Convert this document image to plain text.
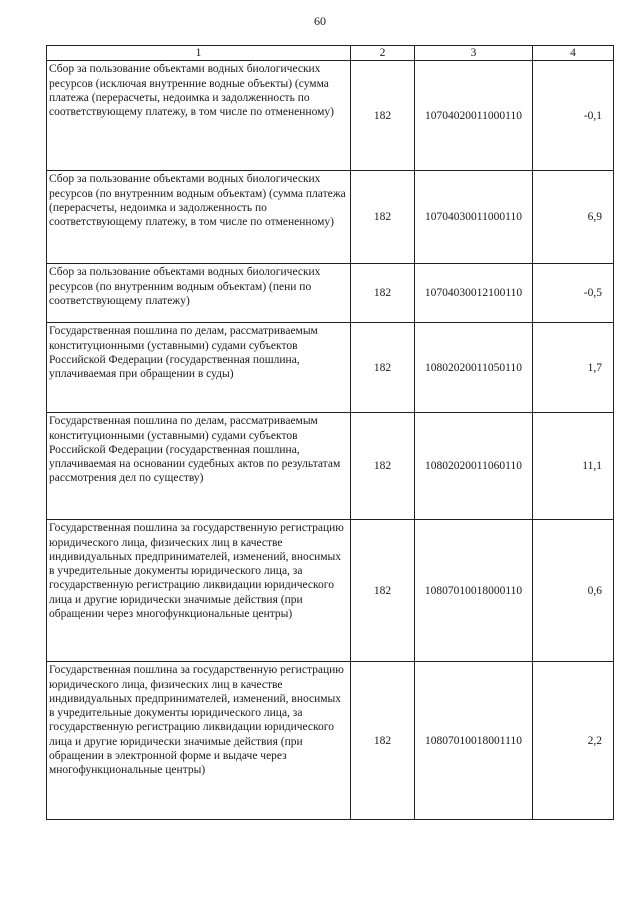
60
1	2	3	4
Сбор за пользование объектами водных биологических ресурсов (исключая внутренние водные объекты) (сумма платежа (перерасчеты, недоимка и задолженность по соответствующему платежу, в том числе по отмененному)	182	10704020011000110	-0,1
Сбор за пользование объектами водных биологических ресурсов (по внутренним водным объектам) (сумма платежа (перерасчеты, недоимка и задолженность по соответствующему платежу, в том числе по отмененному)	182	10704030011000110	6,9
Сбор за пользование объектами водных биологических ресурсов (по внутренним водным объектам) (пени по соответствующему платежу)	182	10704030012100110	-0,5
Государственная пошлина по делам, рассматриваемым конституционными (уставными) судами субъектов Российской Федерации (государственная пошлина, уплачиваемая при обращении в суды)	182	10802020011050110	1,7
Государственная пошлина по делам, рассматриваемым конституционными (уставными) судами субъектов Российской Федерации (государственная пошлина, уплачиваемая на основании судебных актов по результатам рассмотрения дел по существу)	182	10802020011060110	11,1
Государственная пошлина за государственную регистрацию юридического лица, физических лиц в качестве индивидуальных предпринимателей, изменений, вносимых в учредительные документы юридического лица, за государственную регистрацию ликвидации юридического лица и другие юридически значимые действия (при обращении через многофункциональные центры)	182	10807010018000110	0,6
Государственная пошлина за государственную регистрацию юридического лица, физических лиц в качестве индивидуальных предпринимателей, изменений, вносимых в учредительные документы юридического лица, за государственную регистрацию ликвидации юридического лица и другие юридически значимые действия (при обращении в электронной форме и выдаче через многофункциональные центры)	182	10807010018001110	2,2
